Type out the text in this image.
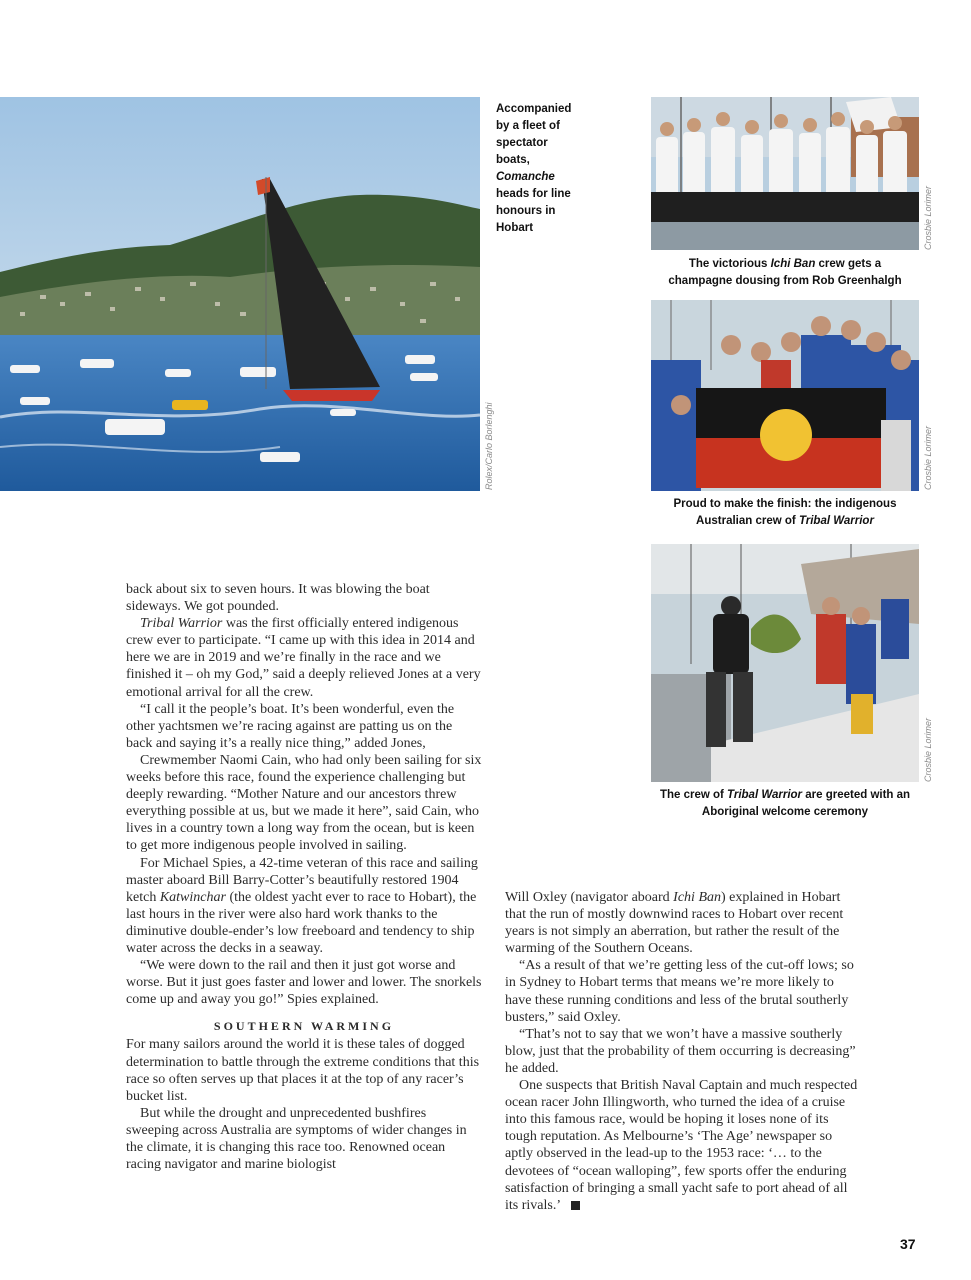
Rolex/Carlo Borlenghi
Accompanied
by a fleet of
spectator
boats,
Comanche
heads for line
honours in
Hobart	Crosbie Lorimer
The victorious Ichi Ban crew gets a
champagne dousing from Rob Greenhalgh
Crosbie Lorimer
Proud to make the finish: the indigenous
Australian crew of Tribal Warrior
Crosbie Lorimer
The crew of Tribal Warrior are greeted with an
Aboriginal welcome ceremony

back about six to seven hours. It was blowing the boat sideways. We got pounded.

Tribal Warrior was the first officially entered indigenous crew ever to participate. “I came up with this idea in 2014 and here we are in 2019 and we’re finally in the race and we finished it – oh my God,” said a deeply relieved Jones at a very emotional arrival for all the crew.

“I call it the people’s boat. It’s been wonderful, even the other yachtsmen we’re racing against are patting us on the back and saying it’s a really nice thing,” added Jones,

Crewmember Naomi Cain, who had only been sailing for six weeks before this race, found the experience challenging but deeply rewarding. “Mother Nature and our ancestors threw everything possible at us, but we made it here”, said Cain, who lives in a country town a long way from the ocean, but is keen to get more indigenous people involved in sailing.

For Michael Spies, a 42-time veteran of this race and sailing master aboard Bill Barry-Cotter’s beautifully restored 1904 ketch Katwinchar (the oldest yacht ever to race to Hobart), the last hours in the river were also hard work thanks to the diminutive double-ender’s low freeboard and tendency to ship water across the decks in a seaway.

“We were down to the rail and then it just got worse and worse. But it just goes faster and lower and lower. The snorkels come up and away you go!” Spies explained.

SOUTHERN WARMING

For many sailors around the world it is these tales of dogged determination to battle through the extreme conditions that this race so often serves up that places it at the top of any racer’s bucket list.

But while the drought and unprecedented bushfires sweeping across Australia are symptoms of wider changes in the climate, it is changing this race too. Renowned ocean racing navigator and marine biologist

Will Oxley (navigator aboard Ichi Ban) explained in Hobart that the run of mostly downwind races to Hobart over recent years is not simply an aberration, but rather the result of the warming of the Southern Oceans.

“As a result of that we’re getting less of the cut-off lows; so in Sydney to Hobart terms that means we’re more likely to have these running conditions and less of the brutal southerly busters,” said Oxley.

“That’s not to say that we won’t have a massive southerly blow, just that the probability of them occurring is decreasing” he added.

One suspects that British Naval Captain and much respected ocean racer John Illingworth, who turned the idea of a cruise into this famous race, would be hoping it loses none of its tough reputation. As Melbourne’s ‘The Age’ newspaper so aptly observed in the lead-up to the 1953 race: ‘… to the devotees of “ocean walloping”, few sports offer the enduring satisfaction of bringing a small yacht safe to port ahead of all its rivals.’

37
